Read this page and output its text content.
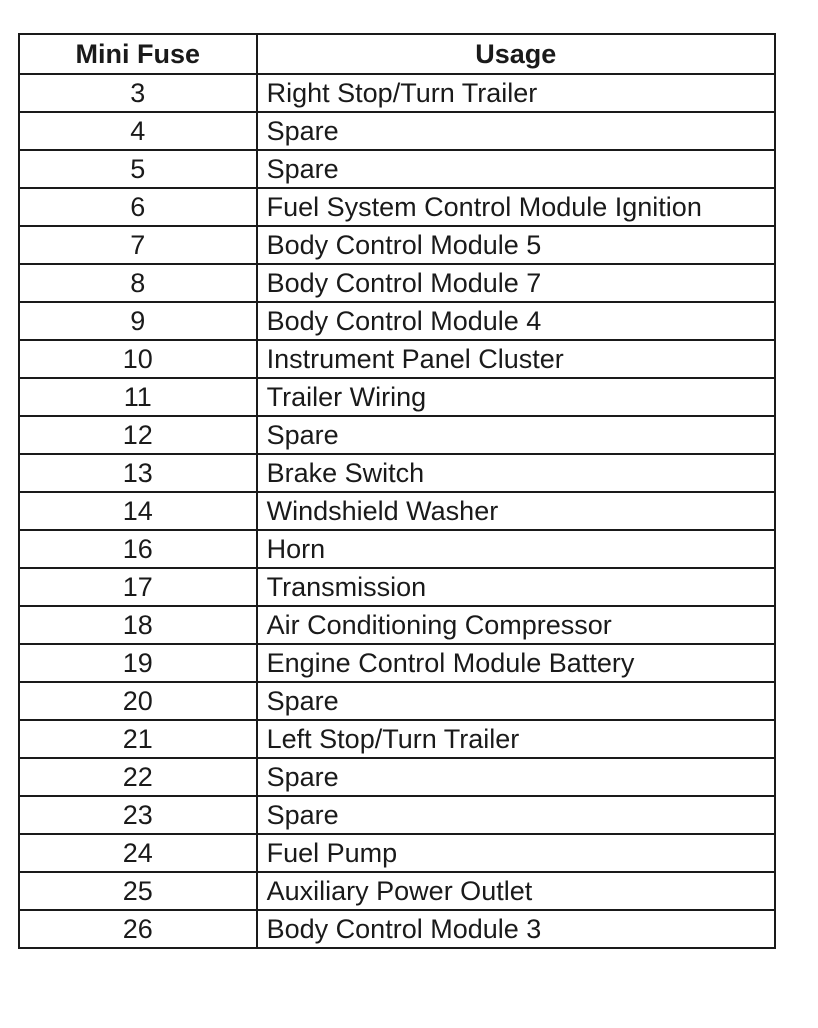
Mini Fuse	Usage
3	Right Stop/Turn Trailer
4	Spare
5	Spare
6	Fuel System Control Module Ignition
7	Body Control Module 5
8	Body Control Module 7
9	Body Control Module 4
10	Instrument Panel Cluster
11	Trailer Wiring
12	Spare
13	Brake Switch
14	Windshield Washer
16	Horn
17	Transmission
18	Air Conditioning Compressor
19	Engine Control Module Battery
20	Spare
21	Left Stop/Turn Trailer
22	Spare
23	Spare
24	Fuel Pump
25	Auxiliary Power Outlet
26	Body Control Module 3
